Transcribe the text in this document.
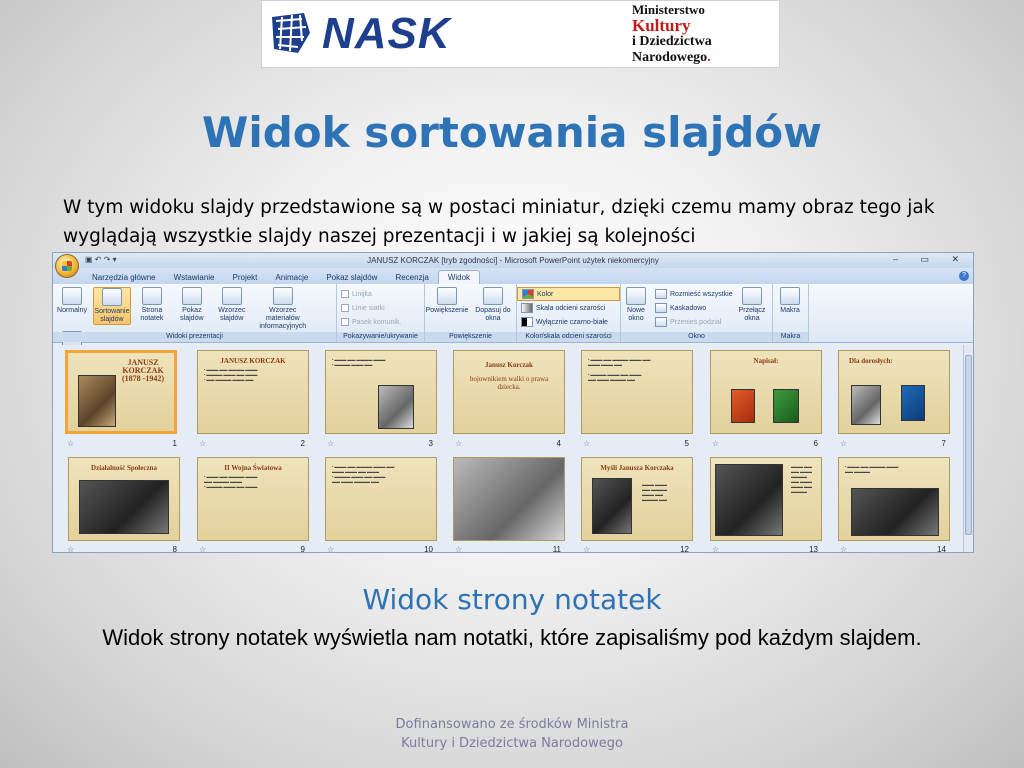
NASK	Ministerstwo
Kultury
i Dziedzictwa
Narodowego.
Widok sortowania slajdów
W tym widoku slajdy przedstawione są w postaci miniatur, dzięki czemu mamy obraz tego jak wyglądają wszystkie slajdy naszej prezentacji i w jakiej są kolejności
▣ ↶ ↷ ▾	JANUSZ KORCZAK [tryb zgodności] - Microsoft PowerPoint użytek niekomercyjny	– ▭ ✕
Narzędzia główne	Wstawianie	Projekt	Animacje	Pokaz slajdów	Recenzja	Widok	?
Normalny
Sortowanie slajdów

Strona notatek

Pokaz slajdów

Wzorzec slajdów

Wzorzec materiałów informacyjnych

Widoki prezentacji
Linijka
Linie siatki
Pasek komunik.
Pokazywanie/ukrywanie
Powiększenie
Dopasuj do okna
Powiększenie
Kolor
Skala odcieni szarości
Wyłącznie czarno-białe
Kolor/skala odcieni szarości
Nowe okno
Rozmieść wszystkie
Kaskadowo
Przenieś podział
Przełącz okna
Okno
Makra
Makra
JANUSZ KORCZAK (1878 -1942)
☆	1
JANUSZ KORCZAK
• ▬▬▬ ▬▬ ▬▬▬▬ ▬▬▬
• ▬▬▬▬ ▬▬▬ ▬▬ ▬▬▬
• ▬▬ ▬▬▬▬ ▬▬▬ ▬▬
☆	2
• ▬▬▬ ▬▬ ▬▬▬▬ ▬▬▬
• ▬▬▬▬ ▬▬▬ ▬▬
☆	3
Janusz Korczak
bojownikiem walki o prawa dziecka.
☆	4
• ▬▬▬ ▬▬ ▬▬▬▬ ▬▬▬ ▬▬
▬▬▬ ▬▬▬ ▬▬

• ▬▬▬▬ ▬▬▬ ▬▬ ▬▬▬
▬▬ ▬▬▬ ▬▬▬▬ ▬▬
☆	5
Napisał:
☆	6
Dla dorosłych:
☆	7
Działalność Społeczna
☆	8
II Wojna Światowa
• ▬▬▬ ▬▬ ▬▬▬▬ ▬▬▬
▬▬ ▬▬▬▬ ▬▬▬
• ▬▬▬▬ ▬▬▬ ▬▬ ▬▬▬
☆	9
• ▬▬▬ ▬▬ ▬▬▬▬ ▬▬▬ ▬▬
▬▬▬ ▬▬▬ ▬▬ ▬▬▬
• ▬▬▬▬ ▬▬▬ ▬▬ ▬▬▬
▬▬ ▬▬▬ ▬▬▬▬ ▬▬
☆	10	☆	11
Myśli Janusza Korczaka
▬▬▬ ▬▬▬
▬▬ ▬▬▬▬
▬▬▬ ▬▬
▬▬▬▬ ▬▬
☆	12
▬▬▬ ▬▬
▬▬ ▬▬▬
▬▬▬▬
▬▬ ▬▬▬
▬▬▬ ▬▬
▬▬▬▬
☆	13
• ▬▬▬ ▬▬ ▬▬▬▬ ▬▬▬
▬▬ ▬▬▬▬
☆	14
Widok strony notatek
Widok strony notatek wyświetla nam notatki, które zapisaliśmy pod każdym slajdem.
Dofinansowano ze środków Ministra
Kultury i Dziedzictwa Narodowego
